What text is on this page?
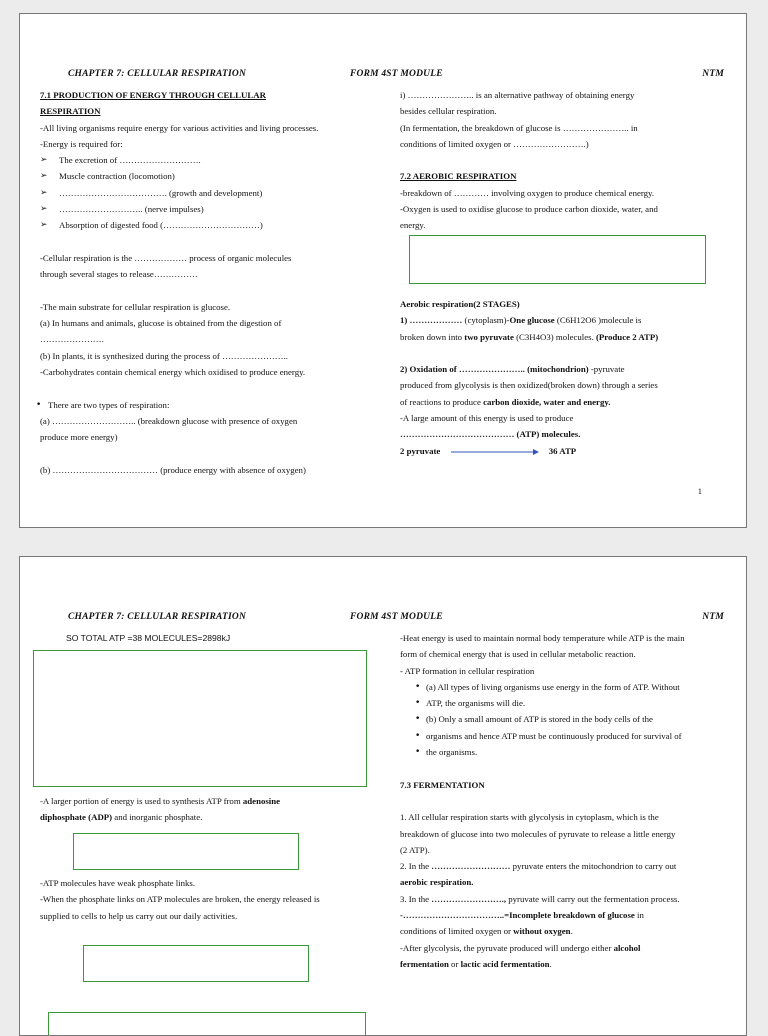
CHAPTER 7: CELLULAR RESPIRATION	FORM 4ST MODULE	NTM

7.1 PRODUCTION OF ENERGY THROUGH CELLULAR

RESPIRATION

-All living organisms require energy for various activities and living processes.

-Energy is required for:

➢ The excretion of ……………………….

➢ Muscle contraction (locomotion)

➢ ………………………………. (growth and development)

➢ ……………………….. (nerve impulses)

➢ Absorption of digested food (……………………………)

-Cellular respiration is the ……………… process of organic molecules

through several stages to release……………

-The main substrate for cellular respiration is glucose.

(a) In humans and animals, glucose is obtained from the digestion of

………………….

(b) In plants, it is synthesized during the process of …………………..

-Carbohydrates contain chemical energy which oxidised to produce energy.

• There are two types of respiration:

(a) ……………………….. (breakdown glucose with presence of oxygen

produce more energy)

(b) ……………………………… (produce energy with absence of oxygen)

i) ………………….. is an alternative pathway of obtaining energy

besides cellular respiration.

(In fermentation, the breakdown of glucose is ………………….. in

conditions of limited oxygen or …………………….)

7.2 AEROBIC RESPIRATION

-breakdown of ………… involving oxygen to produce chemical energy.

-Oxygen is used to oxidise glucose to produce carbon dioxide, water, and

energy.

Aerobic respiration(2 STAGES)

1) ……………… (cytoplasm)-One glucose (C6H12O6 )molecule is

broken down into two pyruvate (C3H4O3) molecules. (Produce 2 ATP)

2) Oxidation of ………………….. (mitochondrion) -pyruvate

produced from glycolysis is then oxidized(broken down) through a series

of reactions to produce carbon dioxide, water and energy.

-A large amount of this energy is used to produce

………………………………… (ATP) molecules.

2 pyruvate	36 ATP

1
CHAPTER 7: CELLULAR RESPIRATION	FORM 4ST MODULE	NTM

SO TOTAL ATP =38 MOLECULES=2898kJ

-A larger portion of energy is used to synthesis ATP from adenosine

diphosphate (ADP) and inorganic phosphate.

-ATP molecules have weak phosphate links.

-When the phosphate links on ATP molecules are broken, the energy released is

supplied to cells to help us carry out our daily activities.

-Heat energy is used to maintain normal body temperature while ATP is the main

form of chemical energy that is used in cellular metabolic reaction.

- ATP formation in cellular respiration

• (a) All types of living organisms use energy in the form of ATP. Without

• ATP, the organisms will die.

• (b) Only a small amount of ATP is stored in the body cells of the

• organisms and hence ATP must be continuously produced for survival of

• the organisms.

7.3 FERMENTATION

1. All cellular respiration starts with glycolysis in cytoplasm, which is the

breakdown of glucose into two molecules of pyruvate to release a little energy

(2 ATP).

2. In the ……………………… pyruvate enters the mitochondrion to carry out

aerobic respiration.

3. In the ……………………., pyruvate will carry out the fermentation process.

-……………………………..=Incomplete breakdown of glucose in

conditions of limited oxygen or without oxygen.

-After glycolysis, the pyruvate produced will undergo either alcohol

fermentation or lactic acid fermentation.
